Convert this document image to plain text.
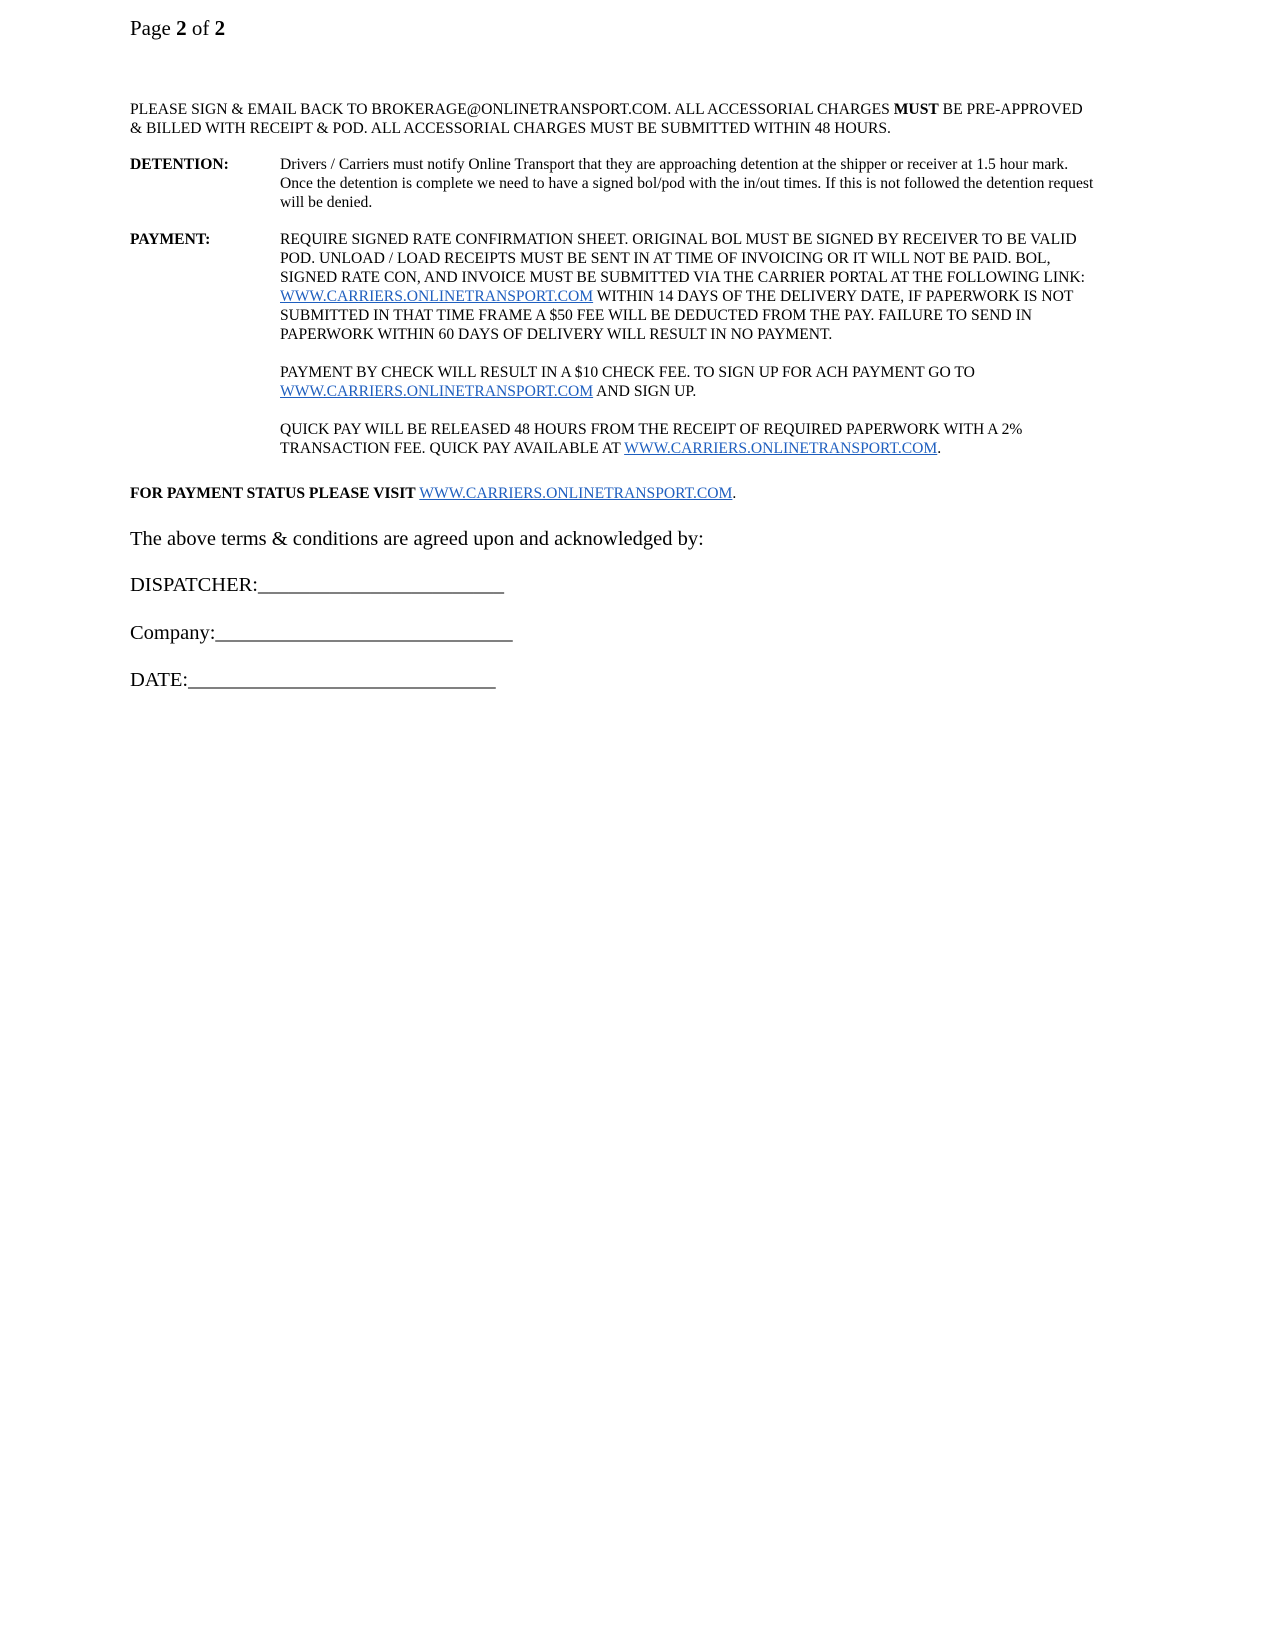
Page 2 of 2
PLEASE SIGN & EMAIL BACK TO BROKERAGE@ONLINETRANSPORT.COM. ALL ACCESSORIAL CHARGES MUST BE PRE-APPROVED
& BILLED WITH RECEIPT & POD. ALL ACCESSORIAL CHARGES MUST BE SUBMITTED WITHIN 48 HOURS.
DETENTION:	Drivers / Carriers must notify Online Transport that they are approaching detention at the shipper or receiver at 1.5 hour mark.
Once the detention is complete we need to have a signed bol/pod with the in/out times. If this is not followed the detention request
will be denied.
PAYMENT:	REQUIRE SIGNED RATE CONFIRMATION SHEET. ORIGINAL BOL MUST BE SIGNED BY RECEIVER TO BE VALID
POD. UNLOAD / LOAD RECEIPTS MUST BE SENT IN AT TIME OF INVOICING OR IT WILL NOT BE PAID. BOL,
SIGNED RATE CON, AND INVOICE MUST BE SUBMITTED VIA THE CARRIER PORTAL AT THE FOLLOWING LINK:
WWW.CARRIERS.ONLINETRANSPORT.COM WITHIN 14 DAYS OF THE DELIVERY DATE, IF PAPERWORK IS NOT
SUBMITTED IN THAT TIME FRAME A $50 FEE WILL BE DEDUCTED FROM THE PAY. FAILURE TO SEND IN
PAPERWORK WITHIN 60 DAYS OF DELIVERY WILL RESULT IN NO PAYMENT.
PAYMENT BY CHECK WILL RESULT IN A $10 CHECK FEE. TO SIGN UP FOR ACH PAYMENT GO TO
WWW.CARRIERS.ONLINETRANSPORT.COM AND SIGN UP.
QUICK PAY WILL BE RELEASED 48 HOURS FROM THE RECEIPT OF REQUIRED PAPERWORK WITH A 2%
TRANSACTION FEE. QUICK PAY AVAILABLE AT WWW.CARRIERS.ONLINETRANSPORT.COM.
FOR PAYMENT STATUS PLEASE VISIT WWW.CARRIERS.ONLINETRANSPORT.COM.
The above terms & conditions are agreed upon and acknowledged by:
DISPATCHER:________________________
Company:_____________________________
DATE:______________________________
